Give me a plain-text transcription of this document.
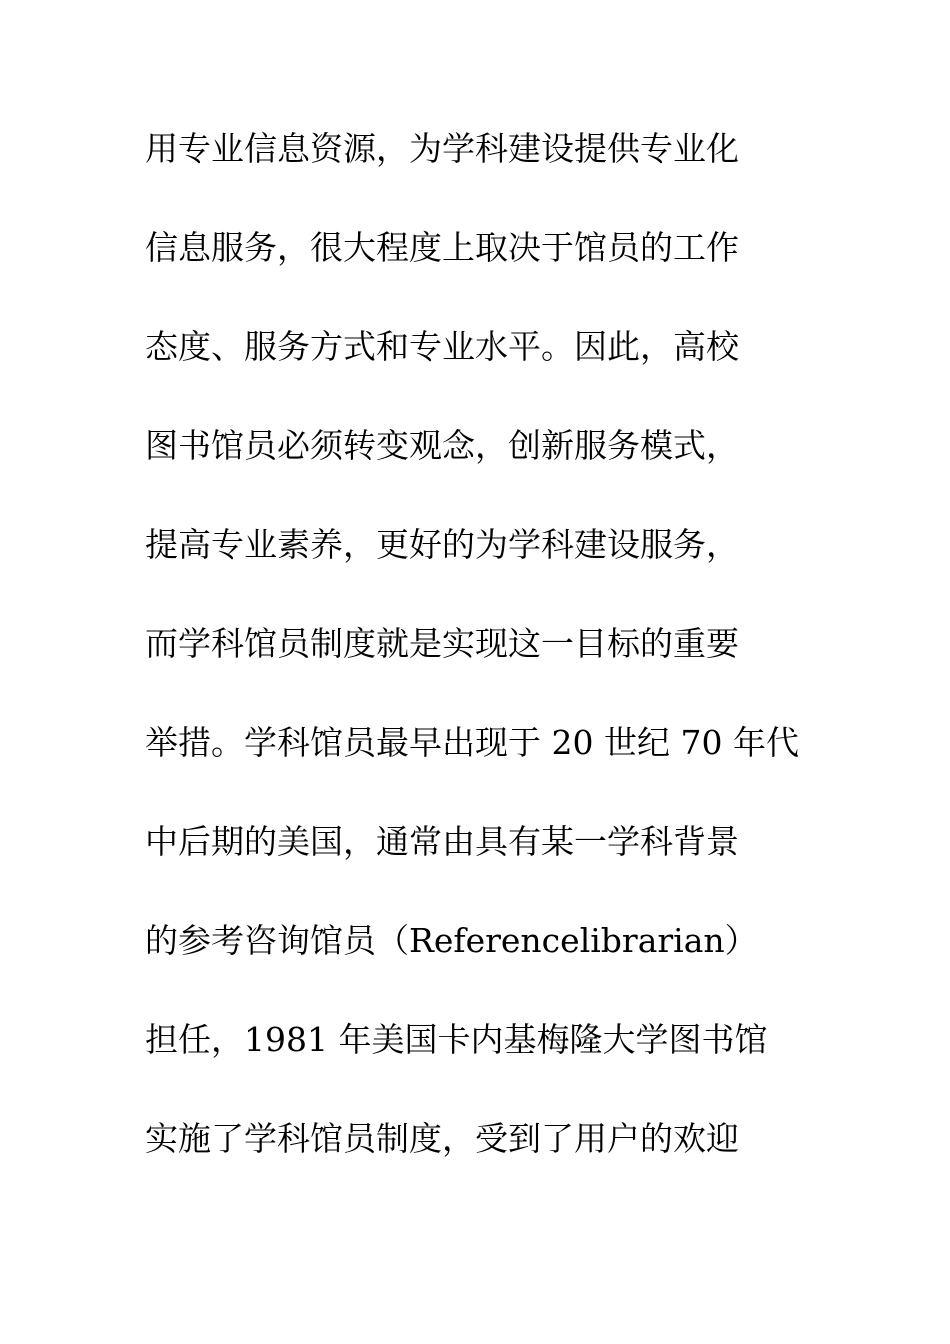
用专业信息资源，为学科建设提供专业化
信息服务，很大程度上取决于馆员的工作
态度、服务方式和专业水平。因此，高校
图书馆员必须转变观念，创新服务模式，
提高专业素养，更好的为学科建设服务，
而学科馆员制度就是实现这一目标的重要
举措。学科馆员最早出现于 20 世纪 70 年代
中后期的美国，通常由具有某一学科背景
的参考咨询馆员（Referencelibrarian）
担任，1981 年美国卡内基梅隆大学图书馆
实施了学科馆员制度，受到了用户的欢迎
